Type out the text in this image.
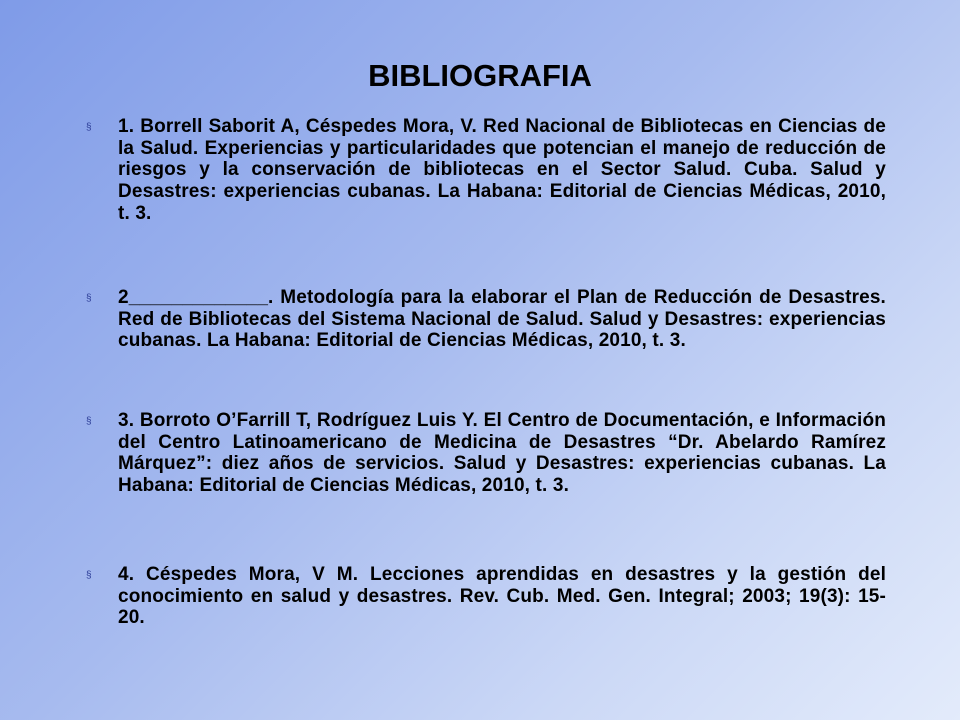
BIBLIOGRAFIA
§	1. Borrell Saborit A, Céspedes Mora, V. Red Nacional de Bibliotecas en Ciencias de la Salud. Experiencias y particularidades que potencian el manejo de reducción de riesgos y la conservación de bibliotecas en el Sector Salud. Cuba. Salud y Desastres: experiencias cubanas. La Habana: Editorial de Ciencias Médicas, 2010, t. 3.
§	2_____________. Metodología para la elaborar el Plan de Reducción de Desastres. Red de Bibliotecas del Sistema Nacional de Salud. Salud y Desastres: experiencias cubanas. La Habana: Editorial de Ciencias Médicas, 2010, t. 3.
§	3. Borroto O’Farrill T, Rodríguez Luis Y. El Centro de Documentación, e Información del Centro Latinoamericano de Medicina de Desastres “Dr. Abelardo Ramírez Márquez”: diez años de servicios. Salud y Desastres: experiencias cubanas. La Habana: Editorial de Ciencias Médicas, 2010, t. 3.
§	4. Céspedes Mora, V M. Lecciones aprendidas en desastres y la gestión del conocimiento en salud y desastres. Rev. Cub. Med. Gen. Integral; 2003; 19(3): 15-20.
